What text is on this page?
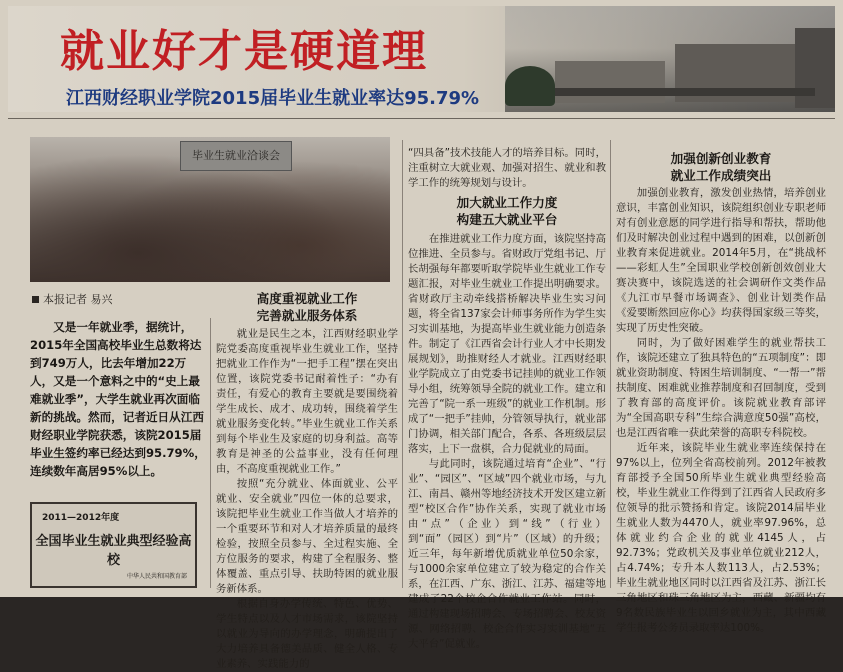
就业好才是硬道理
江西财经职业学院2015届毕业生就业率达95.79%
毕业生就业洽谈会
本报记者 易兴
又是一年就业季，据统计，2015年全国高校毕业生总数将达到749万人，比去年增加22万人，又是一个意料之中的“史上最难就业季”，大学生就业再次面临新的挑战。然而，记者近日从江西财经职业学院获悉，该院2015届毕业生签约率已经达到95.79%，连续数年高居95%以上。
2011—2012年度
全国毕业生就业典型经验高校
中华人民共和国教育部
高度重视就业工作
完善就业服务体系

就业是民生之本，江西财经职业学院党委高度重视毕业生就业工作，坚持把就业工作作为“一把手工程”摆在突出位置，该院党委书记耐着性子：“办有责任，有爱心的教育主要就是要围绕着学生成长、成才、成功转，围绕着学生就业服务变化转。”毕业生就业工作关系到每个毕业生及家庭的切身利益。高等教育是神圣的公益事业，没有任何理由，不高度重视就业工作。”

按照“充分就业、体面就业、公平就业、安全就业”四位一体的总要求，该院把毕业生就业工作当做人才培养的一个重要环节和对人才培养质量的最终检验，按照全员参与、全过程实施、全方位服务的要求，构建了全程服务、整体覆盖、重点引导、扶助特困的就业服务新体系。

根据自身办学传统、特色、优势、学生特点以及人才市场需求，该院坚持以就业为导向的办学理念，明确提出了大力培养具备德美品质、健全人格、专业素养、实践能力的

“四具备”技术技能人才的培养目标。同时，注重树立大就业观、加强对招生、就业和教学工作的统筹规划与设计。

加大就业工作力度
构建五大就业平台

在推进就业工作力度方面，该院坚持高位推进、全员参与。省财政厅党组书记、厅长胡强每年都要听取学院毕业生就业工作专题汇报，对毕业生就业工作提出明确要求。省财政厅主动牵线搭桥解决毕业生实习问题，将全省137家会计师事务所作为学生实习实训基地，为提高毕业生就业能力创造条件。制定了《江西省会计行业人才中长期发展规划》，助推财经人才就业。江西财经职业学院成立了由党委书记挂帅的就业工作领导小组，统筹领导全院的就业工作。建立和完善了“院一系一班级”的就业工作机制。形成了“一把手”挂帅，分管领导执行，就业部门协调，相关部门配合，各系、各班级层层落实，上下一盘棋，合力促就业的局面。

与此同时，该院通过培育“企业”、“行业”、“园区”、“区域”四个就业市场，与九江、南昌、赣州等地经济技术开发区建立新型“校区合作”协作关系，实现了就业市场由“点”（企业）到“线”（行业）到“面”（园区）到“片”（区域）的升级；近三年，每年新增优质就业单位50余家，与1000余家单位建立了较为稳定的合作关系，在江西、广东、浙江、江苏、福建等地建成了22个校企合作就业工作站。同时，通过构建现场招聘会、专场招聘会、校友资源、网络招聘、校企合作实习实训基地“五大平台”促就业。

加强创新创业教育
就业工作成绩突出

加强创业教育，激发创业热情，培养创业意识，丰富创业知识，该院组织创业专职老师对有创业意愿的同学进行指导和帮扶，帮助他们及时解决创业过程中遇到的困难，以创新创业教育来促进就业。2014年5月，在“挑战杯——彩虹人生”全国职业学校创新创效创业大赛决赛中，该院选送的社会调研作文类作品《九江市早餐市场调查》、创业计划类作品《爱要断然回应你心》均获得国家级三等奖，实现了历史性突破。

同时，为了做好困难学生的就业帮扶工作，该院还建立了独具特色的“五项制度”：即就业资助制度、特困生培训制度、“一帮一”帮扶制度、困难就业推荐制度和召回制度，受到了教育部的高度评价。该院就业教育部评为“全国高职专科”生综合满意度50强”高校，也是江西省唯一获此荣誉的高职专科院校。

近年来，该院毕业生就业率连续保持在97%以上，位列全省高校前列。2012年被教育部授予全国50所毕业生就业典型经验高校，毕业生就业工作得到了江西省人民政府多位领导的批示赞扬和肯定。该院2014届毕业生就业人数为4470人，就业率97.96%，总体就业约合企业的就业4145人，占92.73%；党政机关及事业单位就业212人，占4.74%；专升本人数113人，占2.53%；毕业生就业地区同时以江西省及江苏、浙江长三角地区和珠三角地区为主，西藏、新疆均有9名数民族毕业生以回乡就业为主，其中西藏学生报考公务员录取率达100%。
